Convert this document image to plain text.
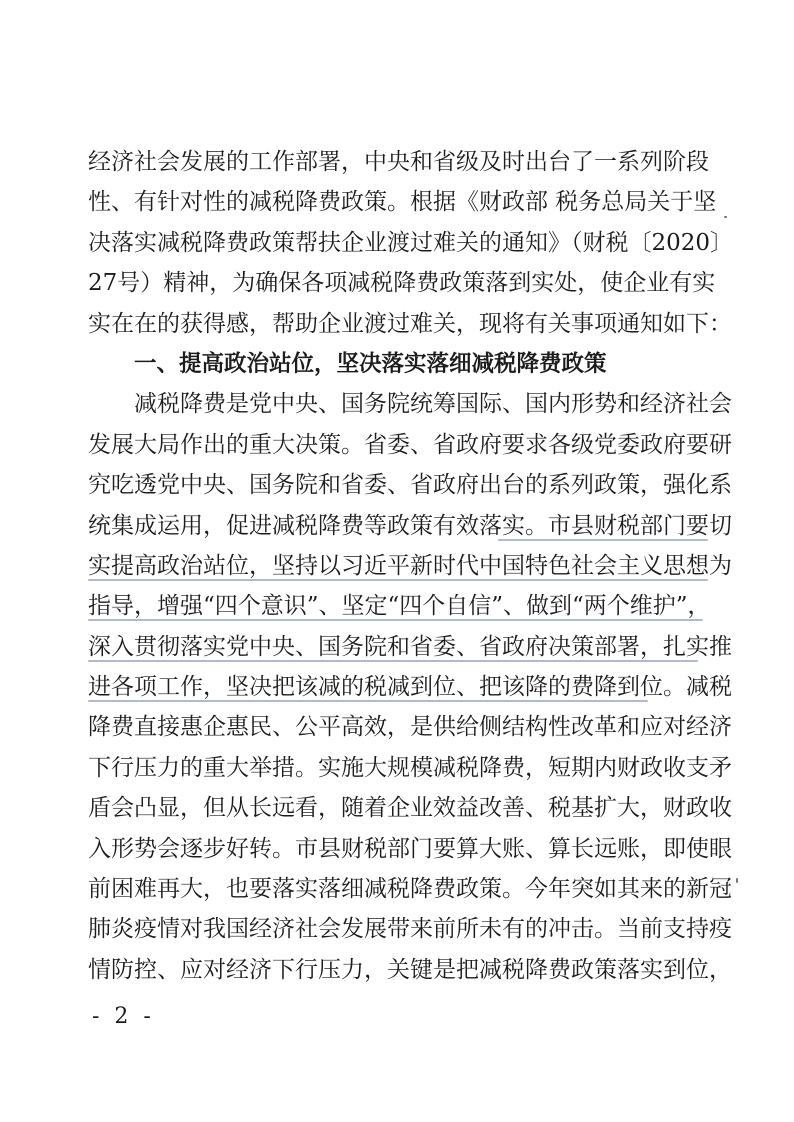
经济社会发展的工作部署，中央和省级及时出台了一系列阶段
性、有针对性的减税降费政策。根据《财政部 税务总局关于坚
决落实减税降费政策帮扶企业渡过难关的通知》（财税〔2020〕
27号）精神，为确保各项减税降费政策落到实处，使企业有实
实在在的获得感，帮助企业渡过难关，现将有关事项通知如下：
一、提高政治站位，坚决落实落细减税降费政策
减税降费是党中央、国务院统筹国际、国内形势和经济社会
发展大局作出的重大决策。省委、省政府要求各级党委政府要研
究吃透党中央、国务院和省委、省政府出台的系列政策，强化系
统集成运用，促进减税降费等政策有效落实。市县财税部门要切
实提高政治站位，坚持以习近平新时代中国特色社会主义思想为
指导，增强“四个意识”、坚定“四个自信”、做到“两个维护”，
深入贯彻落实党中央、国务院和省委、省政府决策部署，扎实推
进各项工作，坚决把该减的税减到位、把该降的费降到位。减税
降费直接惠企惠民、公平高效，是供给侧结构性改革和应对经济
下行压力的重大举措。实施大规模减税降费，短期内财政收支矛
盾会凸显，但从长远看，随着企业效益改善、税基扩大，财政收
入形势会逐步好转。市县财税部门要算大账、算长远账，即使眼
前困难再大，也要落实落细减税降费政策。今年突如其来的新冠
肺炎疫情对我国经济社会发展带来前所未有的冲击。当前支持疫
情防控、应对经济下行压力，关键是把减税降费政策落实到位，
- 2 -
